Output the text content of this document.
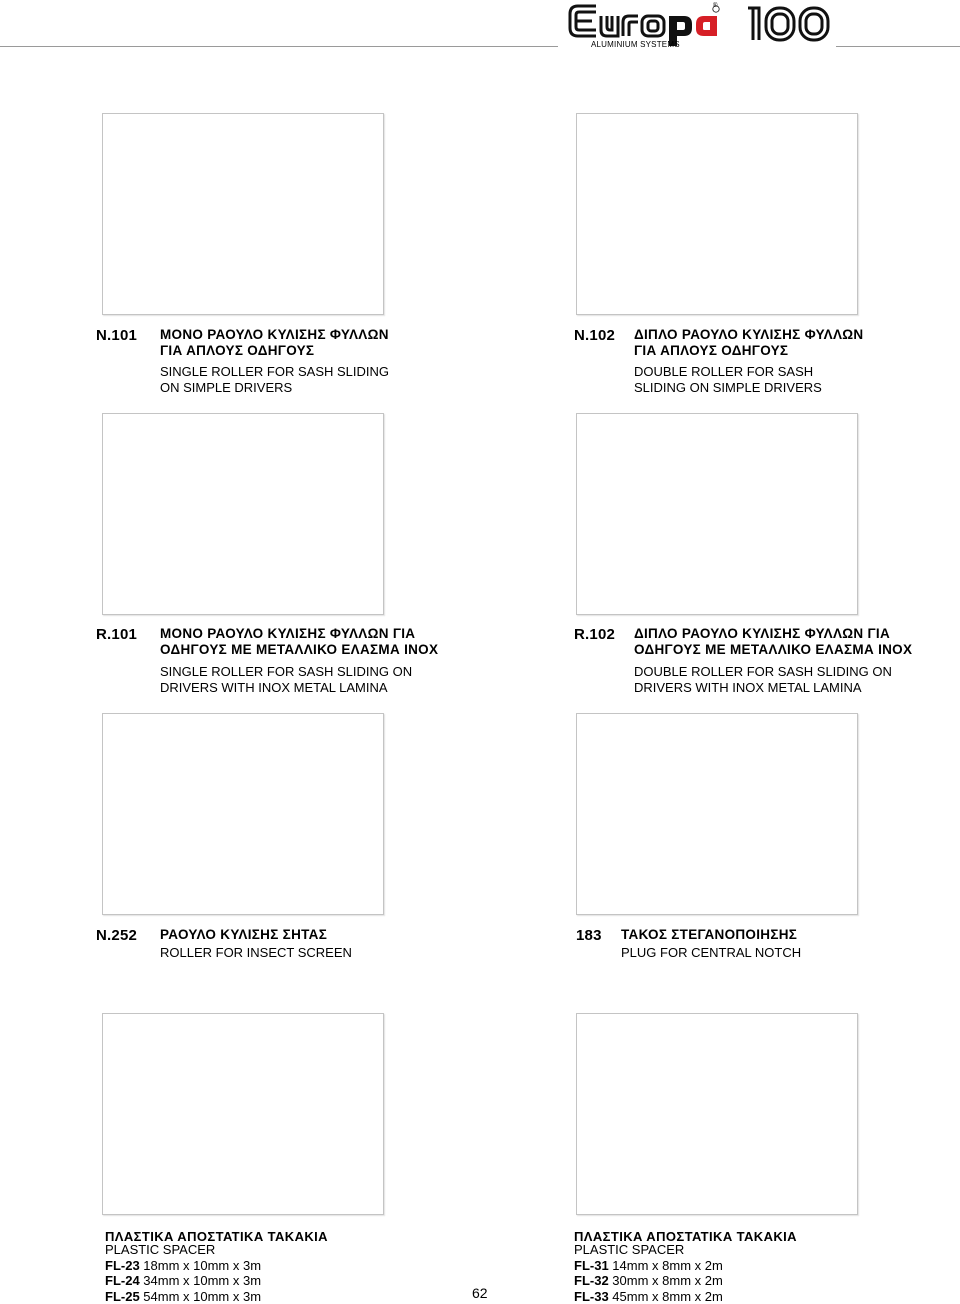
®
ALUMINIUM SYSTEMS
N.101 ΜΟΝΟ ΡΑΟΥΛΟ ΚΥΛΙΣΗΣ ΦΥΛΛΩΝ
ΓΙΑ ΑΠΛΟΥΣ ΟΔΗΓΟΥΣ
SINGLE ROLLER FOR SASH SLIDING
ON SIMPLE DRIVERS
N.102 ΔΙΠΛΟ ΡΑΟΥΛΟ ΚΥΛΙΣΗΣ ΦΥΛΛΩΝ
ΓΙΑ ΑΠΛΟΥΣ ΟΔΗΓΟΥΣ
DOUBLE ROLLER FOR SASH
SLIDING ON SIMPLE DRIVERS
R.101 ΜΟΝΟ ΡΑΟΥΛΟ ΚΥΛΙΣΗΣ ΦΥΛΛΩΝ ΓΙΑ
ΟΔΗΓΟΥΣ ΜΕ ΜΕΤΑΛΛΙΚΟ ΕΛΑΣΜΑ INOX
SINGLE ROLLER FOR SASH SLIDING ON
DRIVERS WITH INOX METAL LAMINA
R.102 ΔΙΠΛΟ ΡΑΟΥΛΟ ΚΥΛΙΣΗΣ ΦΥΛΛΩΝ ΓΙΑ
ΟΔΗΓΟΥΣ ΜΕ ΜΕΤΑΛΛΙΚΟ ΕΛΑΣΜΑ INOX
DOUBLE ROLLER FOR SASH SLIDING ON
DRIVERS WITH INOX METAL LAMINA
N.252 ΡΑΟΥΛΟ ΚΥΛΙΣΗΣ ΣΗΤΑΣ
ROLLER FOR INSECT SCREEN
183 ΤΑΚΟΣ ΣΤΕΓΑΝΟΠΟΙΗΣΗΣ
PLUG FOR CENTRAL NOTCH
ΠΛΑΣΤΙΚΑ ΑΠΟΣΤΑΤΙΚΑ ΤΑΚΑΚΙΑ
PLASTIC SPACER
FL-23 18mm x 10mm x 3m
FL-24 34mm x 10mm x 3m
FL-25 54mm x 10mm x 3m	62
ΠΛΑΣΤΙΚΑ ΑΠΟΣΤΑΤΙΚΑ ΤΑΚΑΚΙΑ
PLASTIC SPACER
FL-31 14mm x 8mm x 2m
FL-32 30mm x 8mm x 2m
FL-33 45mm x 8mm x 2m
